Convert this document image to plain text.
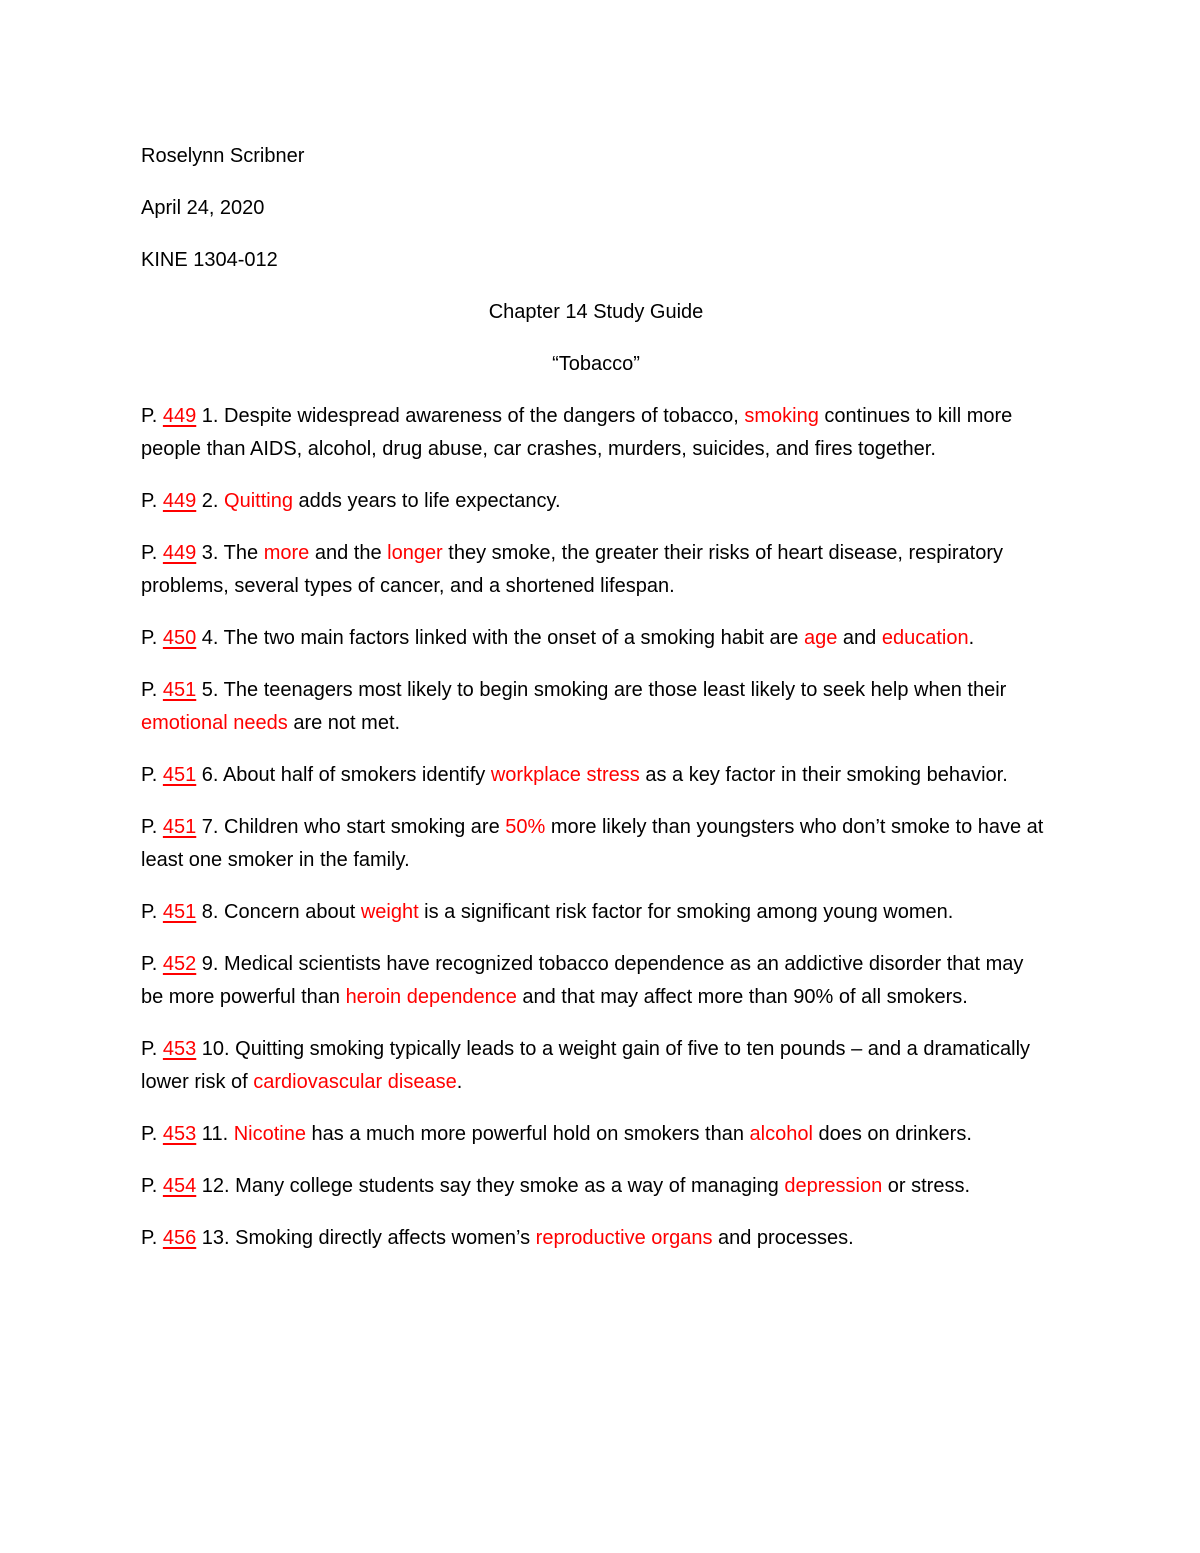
Roselynn Scribner

April 24, 2020

KINE 1304-012

Chapter 14 Study Guide

“Tobacco”

P. 449 1. Despite widespread awareness of the dangers of tobacco, smoking continues to kill more people than AIDS, alcohol, drug abuse, car crashes, murders, suicides, and fires together.

P. 449 2. Quitting adds years to life expectancy.

P. 449 3. The more and the longer they smoke, the greater their risks of heart disease, respiratory problems, several types of cancer, and a shortened lifespan.

P. 450 4. The two main factors linked with the onset of a smoking habit are age and education.

P. 451 5. The teenagers most likely to begin smoking are those least likely to seek help when their emotional needs are not met.

P. 451 6. About half of smokers identify workplace stress as a key factor in their smoking behavior.

P. 451 7. Children who start smoking are 50% more likely than youngsters who don’t smoke to have at least one smoker in the family.

P. 451 8. Concern about weight is a significant risk factor for smoking among young women.

P. 452 9. Medical scientists have recognized tobacco dependence as an addictive disorder that may be more powerful than heroin dependence and that may affect more than 90% of all smokers.

P. 453 10. Quitting smoking typically leads to a weight gain of five to ten pounds – and a dramatically lower risk of cardiovascular disease.

P. 453 11. Nicotine has a much more powerful hold on smokers than alcohol does on drinkers.

P. 454 12. Many college students say they smoke as a way of managing depression or stress.

P. 456 13. Smoking directly affects women’s reproductive organs and processes.
